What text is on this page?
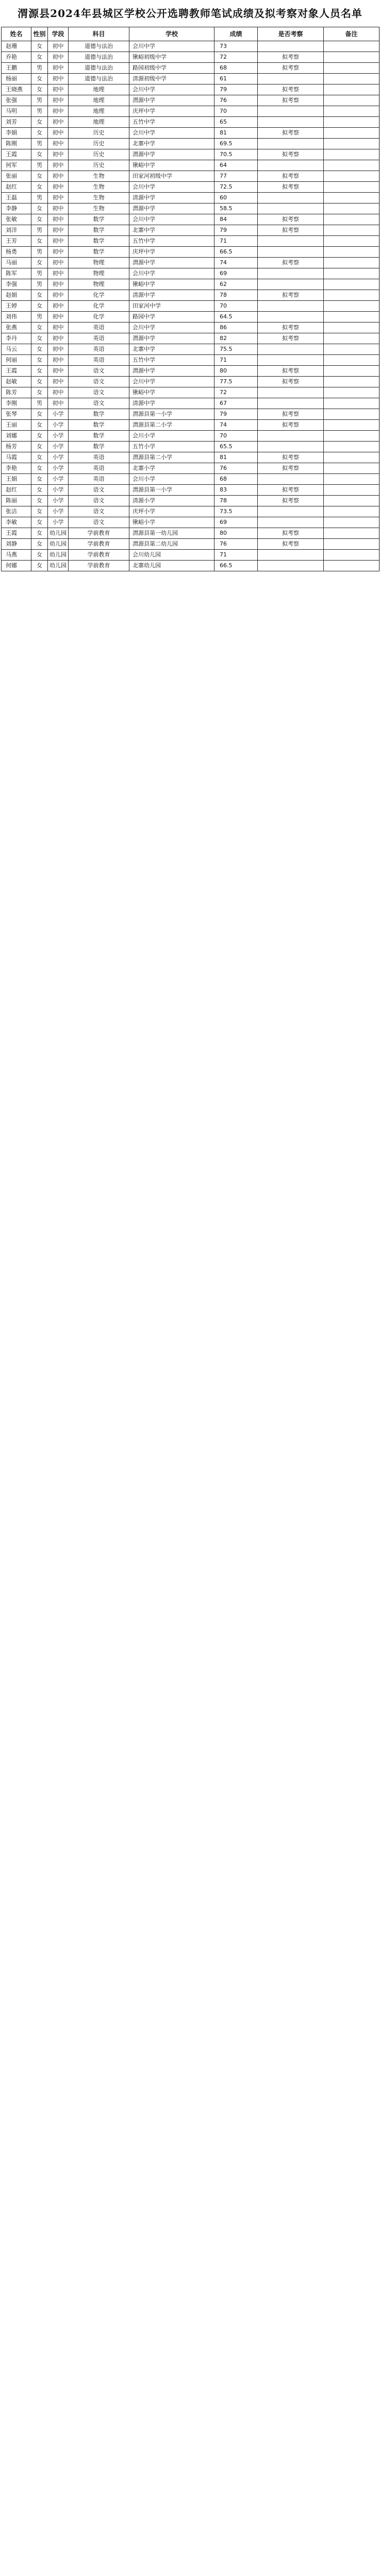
渭源县2024年县城区学校公开选聘教师笔试成绩及拟考察对象人员名单
姓名	性别	学段	科目	学校	成绩	是否考察	备注
赵珊	女	初中	道德与法治	会川中学	73		
乔艳	女	初中	道德与法治	锹峪初级中学	72	拟考察	
王鹏	男	初中	道德与法治	路园初级中学	68	拟考察	
杨丽	女	初中	道德与法治	清源初级中学	61		
王晓燕	女	初中	地理	会川中学	79	拟考察	
张强	男	初中	地理	渭源中学	76	拟考察	
马明	男	初中	地理	庆坪中学	70		
刘芳	女	初中	地理	五竹中学	65		
李娟	女	初中	历史	会川中学	81	拟考察	
陈刚	男	初中	历史	北寨中学	69.5		
王霞	女	初中	历史	渭源中学	70.5	拟考察	
何军	男	初中	历史	锹峪中学	64		
张丽	女	初中	生物	田家河初级中学	77	拟考察	
赵红	女	初中	生物	会川中学	72.5	拟考察	
王磊	男	初中	生物	清源中学	60		
李静	女	初中	生物	渭源中学	58.5		
张敏	女	初中	数学	会川中学	84	拟考察	
刘洋	男	初中	数学	北寨中学	79	拟考察	
王芳	女	初中	数学	五竹中学	71		
杨勇	男	初中	数学	庆坪中学	66.5		
马丽	女	初中	物理	渭源中学	74	拟考察	
陈军	男	初中	物理	会川中学	69		
李强	男	初中	物理	锹峪中学	62		
赵娟	女	初中	化学	清源中学	78	拟考察	
王婷	女	初中	化学	田家河中学	70		
刘伟	男	初中	化学	路园中学	64.5		
张燕	女	初中	英语	会川中学	86	拟考察	
李丹	女	初中	英语	渭源中学	82	拟考察	
马云	女	初中	英语	北寨中学	75.5		
何丽	女	初中	英语	五竹中学	71		
王霞	女	初中	语文	渭源中学	80	拟考察	
赵敏	女	初中	语文	会川中学	77.5	拟考察	
陈芳	女	初中	语文	锹峪中学	72		
李刚	男	初中	语文	清源中学	67		
张琴	女	小学	数学	渭源县第一小学	79	拟考察	
王丽	女	小学	数学	渭源县第二小学	74	拟考察	
刘娜	女	小学	数学	会川小学	70		
杨芳	女	小学	数学	五竹小学	65.5		
马霞	女	小学	英语	渭源县第二小学	81	拟考察	
李艳	女	小学	英语	北寨小学	76	拟考察	
王娟	女	小学	英语	会川小学	68		
赵红	女	小学	语文	渭源县第一小学	83	拟考察	
陈丽	女	小学	语文	清源小学	78	拟考察	
张洁	女	小学	语文	庆坪小学	73.5		
李敏	女	小学	语文	锹峪小学	69		
王霞	女	幼儿园	学前教育	渭源县第一幼儿园	80	拟考察	
刘静	女	幼儿园	学前教育	渭源县第二幼儿园	76	拟考察	
马燕	女	幼儿园	学前教育	会川幼儿园	71		
何娜	女	幼儿园	学前教育	北寨幼儿园	66.5		
